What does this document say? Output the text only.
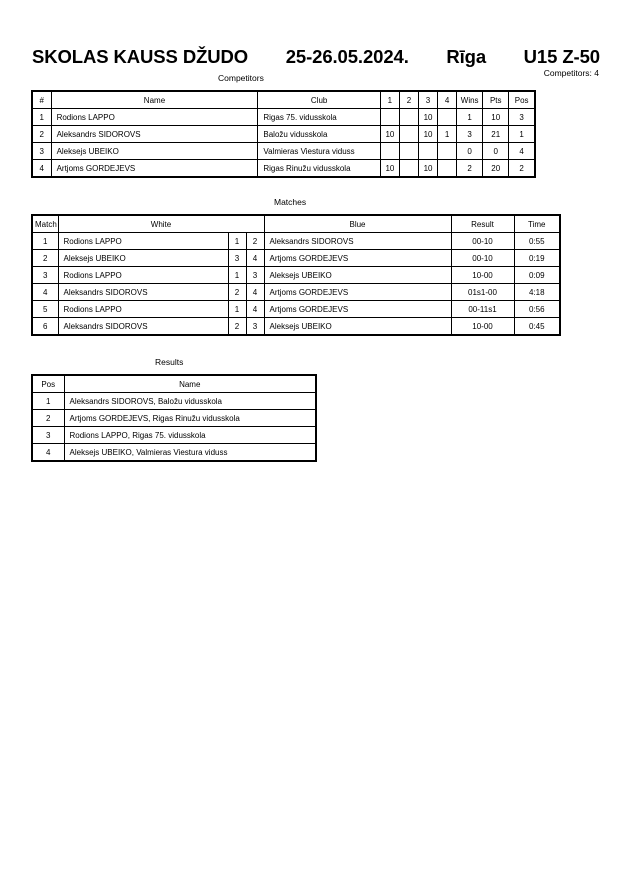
SKOLAS KAUSS DŽUDO 25-26.05.2024. Rīga U15 Z-50
Competitors: 4
Competitors
#	Name	Club	1	2	3	4	Wins	Pts	Pos
1	Rodions LAPPO	Rigas 75. vidusskola			10		1	10	3
2	Aleksandrs SIDOROVS	Baložu vidusskola	10		10	1	3	21	1
3	Aleksejs UBEIKO	Valmieras Viestura viduss					0	0	4
4	Artjoms GORDEJEVS	Rigas Rinužu vidusskola	10		10		2	20	2
Matches
Match	White			Blue	Result	Time
1	Rodions LAPPO	1	2	Aleksandrs SIDOROVS	00-10	0:55
2	Aleksejs UBEIKO	3	4	Artjoms GORDEJEVS	00-10	0:19
3	Rodions LAPPO	1	3	Aleksejs UBEIKO	10-00	0:09
4	Aleksandrs SIDOROVS	2	4	Artjoms GORDEJEVS	01s1-00	4:18
5	Rodions LAPPO	1	4	Artjoms GORDEJEVS	00-11s1	0:56
6	Aleksandrs SIDOROVS	2	3	Aleksejs UBEIKO	10-00	0:45
Results
Pos	Name
1	Aleksandrs SIDOROVS, Baložu vidusskola
2	Artjoms GORDEJEVS, Rigas Rinužu vidusskola
3	Rodions LAPPO, Rigas 75. vidusskola
4	Aleksejs UBEIKO, Valmieras Viestura viduss
